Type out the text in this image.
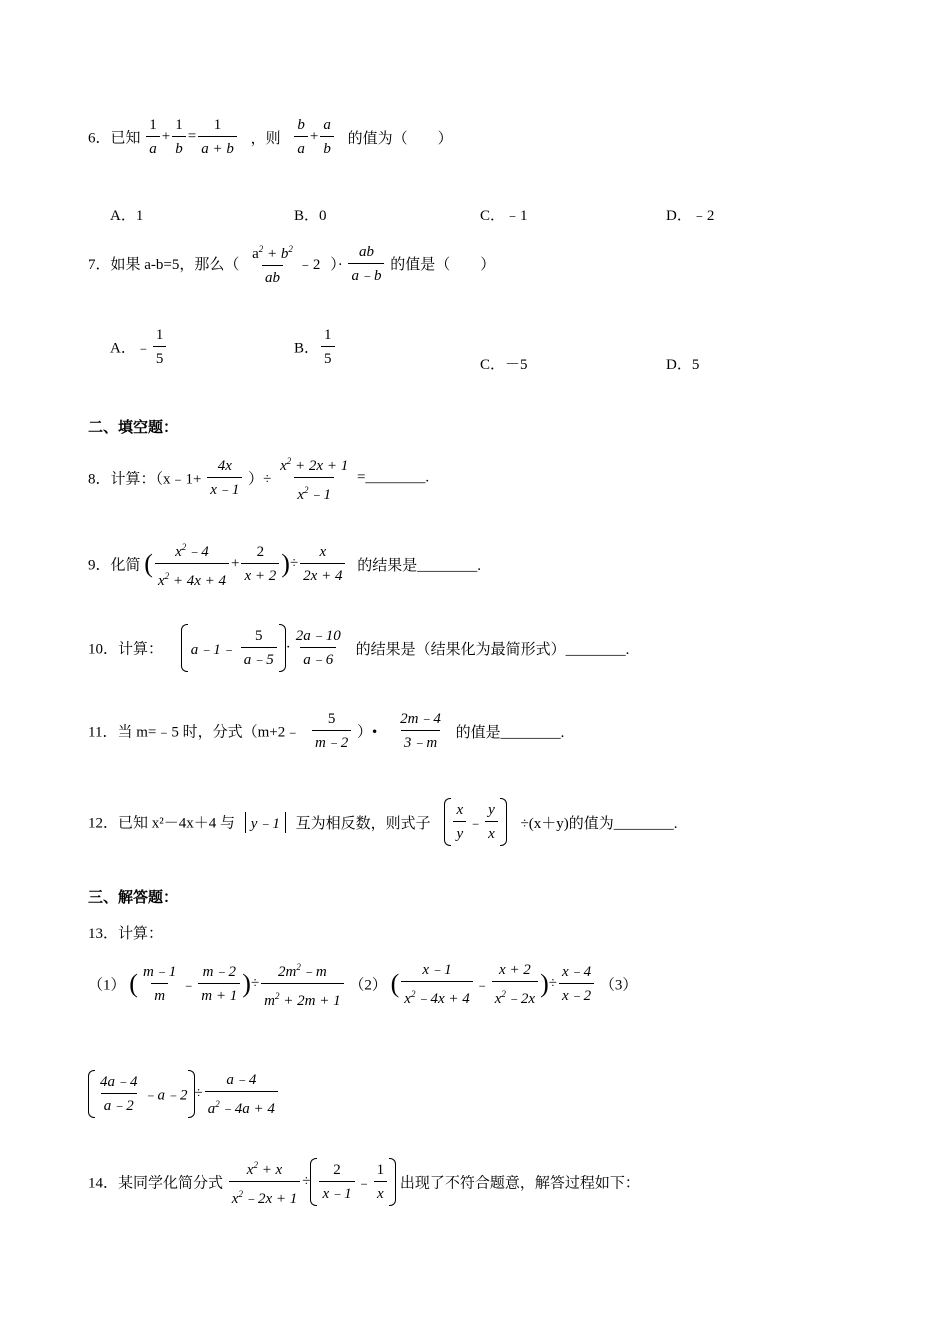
6．已知 $\frac{1}{a} + \frac{1}{b} = \frac{1}{a + b}$ ，则 $\frac{b}{a} + \frac{a}{b}$ 的值为（　　）
A．1	B．0	C．﹣1	D．﹣2
7．如果 a-b=5，那么（ $\frac{a^2 + b^2}{ab}$ ﹣2 ）· $\frac{ab}{a﹣b}$ 的值是（　　）
A．﹣ $\frac{1}{5}$	B． $\frac{1}{5}$	C．－5	D．5
二、填空题：
8．计算：（x﹣1+ $\frac{4x}{x﹣1}$ ）÷ $\frac{x^2 + 2x + 1}{x^2﹣1}$ =________.
9．化简 ( $\frac{x^2﹣4}{x^2 + 4x + 4} + \frac{2}{x + 2}$ )÷ $\frac{x}{2x + 4}$ 的结果是________.
10．计算： a﹣1﹣ $\frac{5}{a﹣5} \cdot \frac{2a﹣10}{a﹣6}$ 的结果是（结果化为最简形式）________.
11．当 m=﹣5 时，分式（m+2﹣ $\frac{5}{m﹣2}$ ）• $\frac{2m﹣4}{3﹣m}$ 的值是________.
12．已知 x²－4x＋4 与 y﹣1 互为相反数，则式子 $\frac{x}{y}$ ﹣ $\frac{y}{x} \div(x+y)$的值为________.
三、解答题：
13．计算：
（1） ( $\frac{m﹣1}{m}$ ﹣ $\frac{m﹣2}{m + 1}$ )÷ $\frac{2m^2﹣m}{m^2 + 2m + 1} (2)$ ( $\frac{x﹣1}{x^2﹣4x + 4}$ ﹣ $\frac{x + 2}{x^2﹣2x}$ )÷ $\frac{x﹣4}{x﹣2} (3)$
$\frac{4a﹣4}{a﹣2}$ ﹣a﹣2 ÷ $\frac{a﹣4}{a^2﹣4a + 4}$
14．某同学化简分式 $\frac{x^2 + x}{x^2﹣2x + 1} \div \frac{2}{x﹣1}$ ﹣ $\frac{1}{x}$ 出现了不符合题意，解答过程如下：
